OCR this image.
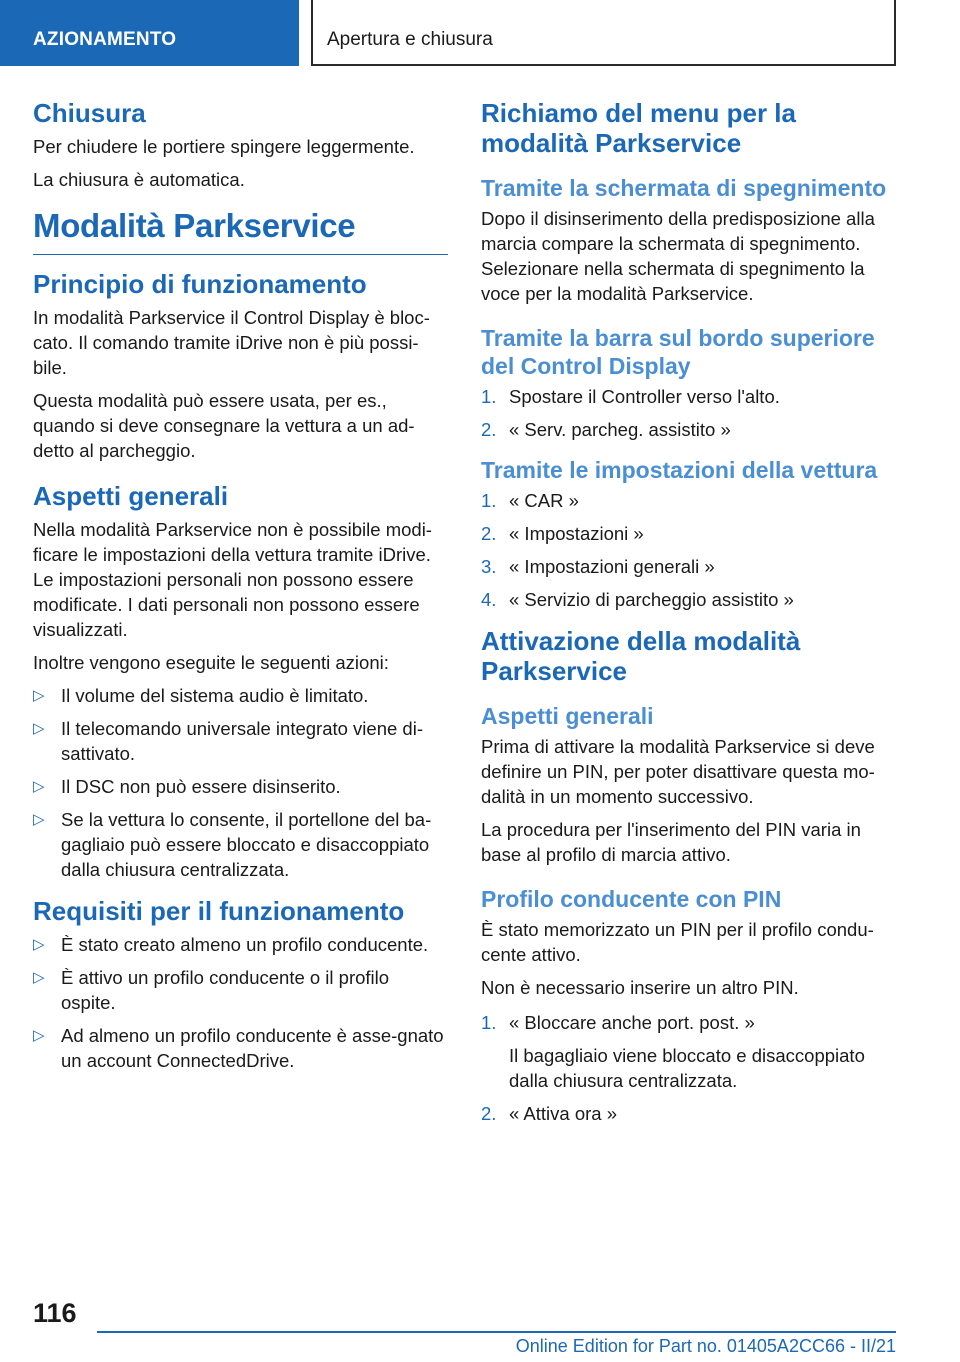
AZIONAMENTO	Apertura e chiusura
Chiusura

Per chiudere le portiere spingere leggermente.

La chiusura è automatica.

Modalità Parkservice
Principio di funzionamento

In modalità Parkservice il Control Display è bloc-cato. Il comando tramite iDrive non è più possi-bile.

Questa modalità può essere usata, per es., quando si deve consegnare la vettura a un ad-detto al parcheggio.

Aspetti generali

Nella modalità Parkservice non è possibile modi-ficare le impostazioni della vettura tramite iDrive. Le impostazioni personali non possono essere modificate. I dati personali non possono essere visualizzati.

Inoltre vengono eseguite le seguenti azioni:

▷ Il volume del sistema audio è limitato.
▷ Il telecomando universale integrato viene di-sattivato.
▷ Il DSC non può essere disinserito.
▷ Se la vettura lo consente, il portellone del ba-gagliaio può essere bloccato e disaccoppiato dalla chiusura centralizzata.
Requisiti per il funzionamento
▷ È stato creato almeno un profilo conducente.
▷ È attivo un profilo conducente o il profilo ospite.
▷ Ad almeno un profilo conducente è asse-gnato un account ConnectedDrive.
Richiamo del menu per la modalità Parkservice
Tramite la schermata di spegnimento

Dopo il disinserimento della predisposizione alla marcia compare la schermata di spegnimento. Selezionare nella schermata di spegnimento la voce per la modalità Parkservice.

Tramite la barra sul bordo superiore del Control Display
1. Spostare il Controller verso l'alto.
2. « Serv. parcheg. assistito »
Tramite le impostazioni della vettura
1. « CAR »
2. « Impostazioni »
3. « Impostazioni generali »
4. « Servizio di parcheggio assistito »
Attivazione della modalità Parkservice
Aspetti generali

Prima di attivare la modalità Parkservice si deve definire un PIN, per poter disattivare questa mo-dalità in un momento successivo.

La procedura per l'inserimento del PIN varia in base al profilo di marcia attivo.

Profilo conducente con PIN

È stato memorizzato un PIN per il profilo condu-cente attivo.

Non è necessario inserire un altro PIN.

1. « Bloccare anche port. post. »
Il bagagliaio viene bloccato e disaccoppiato dalla chiusura centralizzata.
2. « Attiva ora »
116
Online Edition for Part no. 01405A2CC66 - II/21
